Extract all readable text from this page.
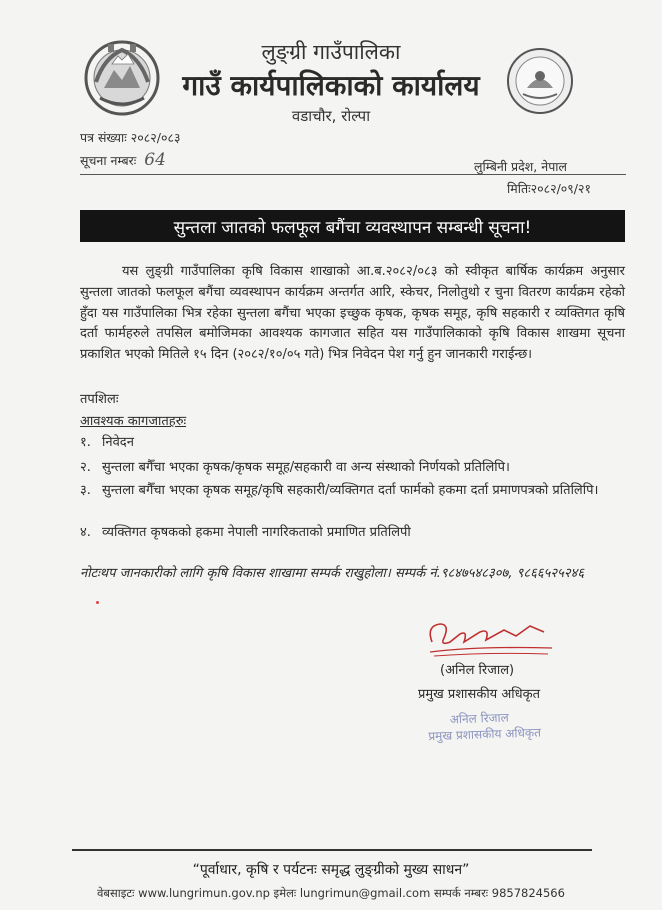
लुङ्ग्री गाउँपालिका
गाउँ कार्यपालिकाको कार्यालय
वडाचौर, रोल्पा
पत्र संख्याः २०८२/०८३
सूचना नम्बरः 64	लुम्बिनी प्रदेश, नेपाल
मितिः२०८२/०९/२१
सुन्तला जातको फलफूल बगैंचा व्यवस्थापन सम्बन्धी सूचना!
यस लुङ्ग्री गाउँपालिका कृषि विकास शाखाको आ.ब.२०८२/०८३ को स्वीकृत बार्षिक कार्यक्रम अनुसार सुन्तला जातको फलफूल बगैंचा व्यवस्थापन कार्यक्रम अन्तर्गत आरि, स्केचर, निलोतुथो र चुना वितरण कार्यक्रम रहेको हुँदा यस गाउँपालिका भित्र रहेका सुन्तला बगैंचा भएका इच्छुक कृषक, कृषक समूह, कृषि सहकारी र व्यक्तिगत कृषि दर्ता फार्महरुले तपसिल बमोजिमका आवश्यक कागजात सहित यस गाउँपालिकाको कृषि विकास शाखमा सूचना प्रकाशित भएको मितिले १५ दिन (२०८२/१०/०५ गते) भित्र निवेदन पेश गर्नु हुन जानकारी गराईन्छ।
तपशिलः
आवश्यक कागजातहरुः
१. निवेदन
२. सुन्तला बगैँचा भएका कृषक/कृषक समूह/सहकारी वा अन्य संस्थाको निर्णयको प्रतिलिपि।
३. सुन्तला बगैँचा भएका कृषक समूह/कृषि सहकारी/व्यक्तिगत दर्ता फार्मको हकमा दर्ता प्रमाणपत्रको प्रतिलिपि।
४. व्यक्तिगत कृषकको हकमा नेपाली नागरिकताको प्रमाणित प्रतिलिपी
नोटःथप जानकारीको लागि कृषि विकास शाखामा सम्पर्क राखुहोला। सम्पर्क नं.९८४७५४८३०७, ९८६६५२५२४६
(अनिल रिजाल)
प्रमुख प्रशासकीय अधिकृत
अनिल रिजाल
प्रमुख प्रशासकीय अधिकृत
“पूर्वाधार, कृषि र पर्यटनः समृद्ध लुङ्ग्रीको मुख्य साधन”
वेबसाइटः www.lungrimun.gov.np इमेलः lungrimun@gmail.com सम्पर्क नम्बरः 9857824566
